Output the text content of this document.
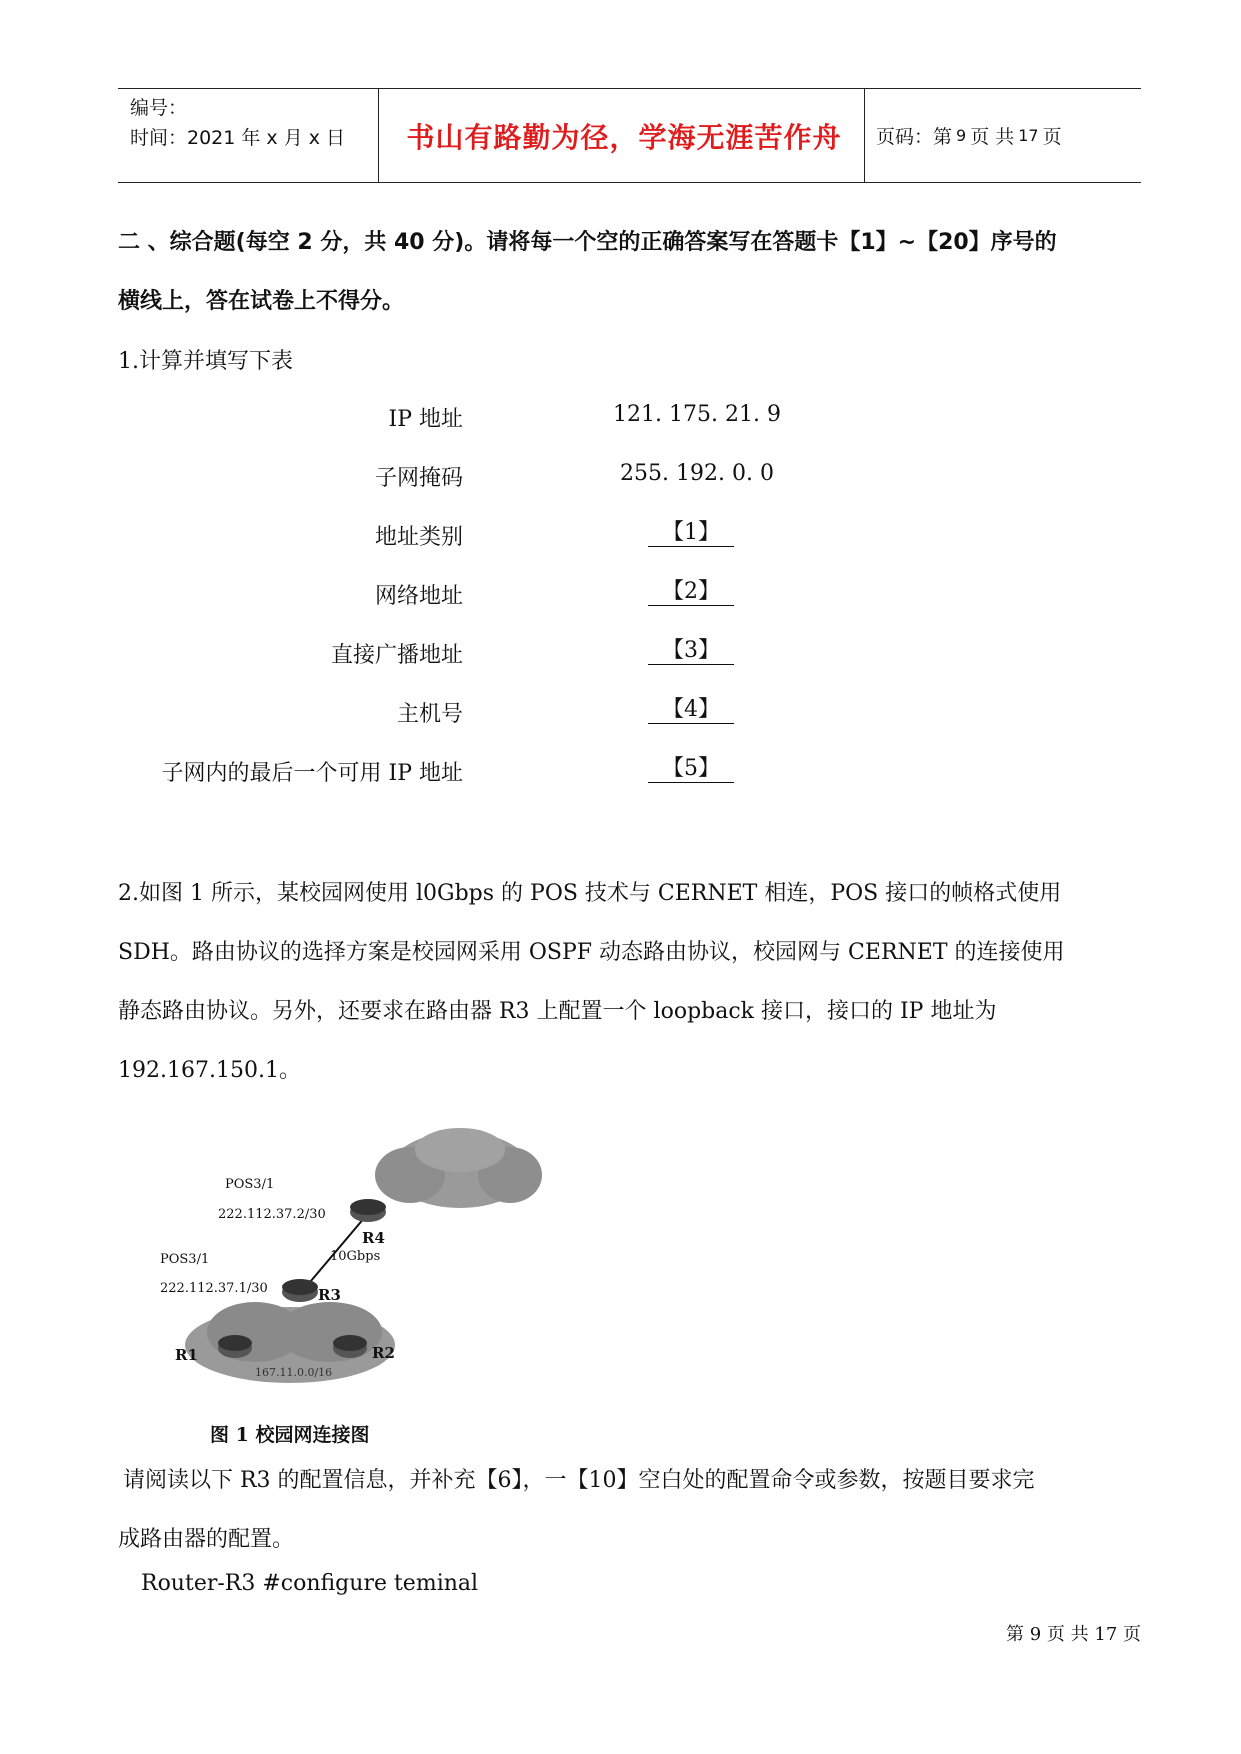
编号：
时间：2021 年 x 月 x 日	书山有路勤为径，学海无涯苦作舟	页码：第 9 页 共 17 页
二 、综合题(每空 2 分，共 40 分)。请将每一个空的正确答案写在答题卡【1】~【20】序号的
横线上，答在试卷上不得分。
1.计算并填写下表
IP 地址	121. 175. 21. 9
子网掩码	255. 192. 0. 0
地址类别	【1】
网络地址	【2】
直接广播地址	【3】
主机号	【4】
子网内的最后一个可用 IP 地址	【5】
2.如图 1 所示，某校园网使用 l0Gbps 的 POS 技术与 CERNET 相连，POS 接口的帧格式使用
SDH。路由协议的选择方案是校园网采用 OSPF 动态路由协议，校园网与 CERNET 的连接使用
静态路由协议。另外，还要求在路由器 R3 上配置一个 loopback 接口，接口的 IP 地址为
192.167.150.1。
POS3/1
222.112.37.2/30
R4
10Gbps
POS3/1
222.112.37.1/30	R3
R1	R2
167.11.0.0/16
图 1 校园网连接图
请阅读以下 R3 的配置信息，并补充【6】，一【10】空白处的配置命令或参数，按题目要求完
成路由器的配置。
Router-R3 #configure teminal
第 9 页 共 17 页
